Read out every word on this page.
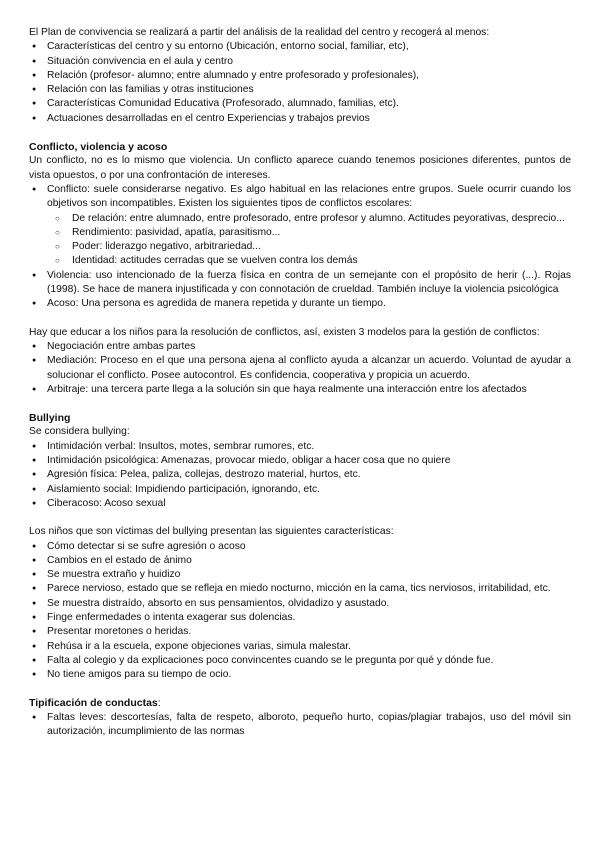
El Plan de convivencia se realizará a partir del análisis de la realidad del centro y recogerá al menos:

● Características del centro y su entorno (Ubicación, entorno social, familiar, etc),
● Situación convivencia en el aula y centro
● Relación (profesor- alumno; entre alumnado y entre profesorado y profesionales),
● Relación con las familias y otras instituciones
● Características Comunidad Educativa (Profesorado, alumnado, familias, etc).
● Actuaciones desarrolladas en el centro Experiencias y trabajos previos
Conflicto, violencia y acoso

Un conflicto, no es lo mismo que violencia. Un conflicto aparece cuando tenemos posiciones diferentes, puntos de vista opuestos, o por una confrontación de intereses.

● Conflicto: suele considerarse negativo. Es algo habitual en las relaciones entre grupos. Suele ocurrir cuando los objetivos son incompatibles. Existen los siguientes tipos de conflictos escolares:
○ De relación: entre alumnado, entre profesorado, entre profesor y alumno. Actitudes peyorativas, desprecio...
○ Rendimiento: pasividad, apatía, parasitismo...
○ Poder: liderazgo negativo, arbitrariedad...
○ Identidad: actitudes cerradas que se vuelven contra los demás
● Violencia: uso intencionado de la fuerza física en contra de un semejante con el propósito de herir (...). Rojas (1998). Se hace de manera injustificada y con connotación de crueldad. También incluye la violencia psicológica
● Acoso: Una persona es agredida de manera repetida y durante un tiempo.

Hay que educar a los niños para la resolución de conflictos, así, existen 3 modelos para la gestión de conflictos:

● Negociación entre ambas partes
● Mediación: Proceso en el que una persona ajena al conflicto ayuda a alcanzar un acuerdo. Voluntad de ayudar a solucionar el conflicto. Posee autocontrol. Es confidencia, cooperativa y propicia un acuerdo.
● Arbitraje: una tercera parte llega a la solución sin que haya realmente una interacción entre los afectados
Bullying

Se considera bullying:

● Intimidación verbal: Insultos, motes, sembrar rumores, etc.
● Intimidación psicológica: Amenazas, provocar miedo, obligar a hacer cosa que no quiere
● Agresión física: Pelea, paliza, collejas, destrozo material, hurtos, etc.
● Aislamiento social: Impidiendo participación, ignorando, etc.
● Ciberacoso: Acoso sexual

Los niños que son víctimas del bullying presentan las siguientes características:

● Cómo detectar si se sufre agresión o acoso
● Cambios en el estado de ánimo
● Se muestra extraño y huidizo
● Parece nervioso, estado que se refleja en miedo nocturno, micción en la cama, tics nerviosos, irritabilidad, etc.
● Se muestra distraído, absorto en sus pensamientos, olvidadizo y asustado.
● Finge enfermedades o intenta exagerar sus dolencias.
● Presentar moretones o heridas.
● Rehúsa ir a la escuela, expone objeciones varias, simula malestar.
● Falta al colegio y da explicaciones poco convincentes cuando se le pregunta por qué y dónde fue.
● No tiene amigos para su tiempo de ocio.
Tipificación de conductas:
● Faltas leves: descortesías, falta de respeto, alboroto, pequeño hurto, copias/plagiar trabajos, uso del móvil sin autorización, incumplimiento de las normas
